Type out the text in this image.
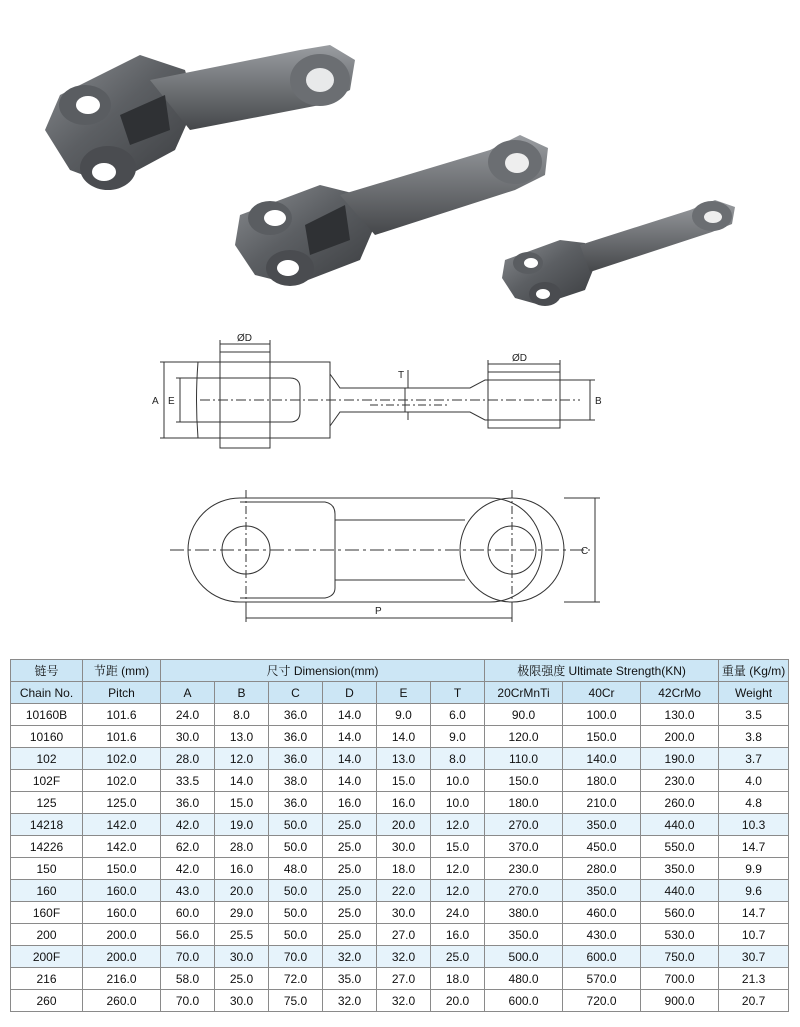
ØD
ØD
A E
T
B
C
P
链号	节距 (mm)	尺寸 Dimension(mm)						极限强度 Ultimate Strength(KN)			重量 (Kg/m)
Chain No.	Pitch	A	B	C	D	E	T	20CrMnTi	40Cr	42CrMo	Weight
10160B	101.6	24.0	8.0	36.0	14.0	9.0	6.0	90.0	100.0	130.0	3.5
10160	101.6	30.0	13.0	36.0	14.0	14.0	9.0	120.0	150.0	200.0	3.8
102	102.0	28.0	12.0	36.0	14.0	13.0	8.0	110.0	140.0	190.0	3.7
102F	102.0	33.5	14.0	38.0	14.0	15.0	10.0	150.0	180.0	230.0	4.0
125	125.0	36.0	15.0	36.0	16.0	16.0	10.0	180.0	210.0	260.0	4.8
14218	142.0	42.0	19.0	50.0	25.0	20.0	12.0	270.0	350.0	440.0	10.3
14226	142.0	62.0	28.0	50.0	25.0	30.0	15.0	370.0	450.0	550.0	14.7
150	150.0	42.0	16.0	48.0	25.0	18.0	12.0	230.0	280.0	350.0	9.9
160	160.0	43.0	20.0	50.0	25.0	22.0	12.0	270.0	350.0	440.0	9.6
160F	160.0	60.0	29.0	50.0	25.0	30.0	24.0	380.0	460.0	560.0	14.7
200	200.0	56.0	25.5	50.0	25.0	27.0	16.0	350.0	430.0	530.0	10.7
200F	200.0	70.0	30.0	70.0	32.0	32.0	25.0	500.0	600.0	750.0	30.7
216	216.0	58.0	25.0	72.0	35.0	27.0	18.0	480.0	570.0	700.0	21.3
260	260.0	70.0	30.0	75.0	32.0	32.0	20.0	600.0	720.0	900.0	20.7
